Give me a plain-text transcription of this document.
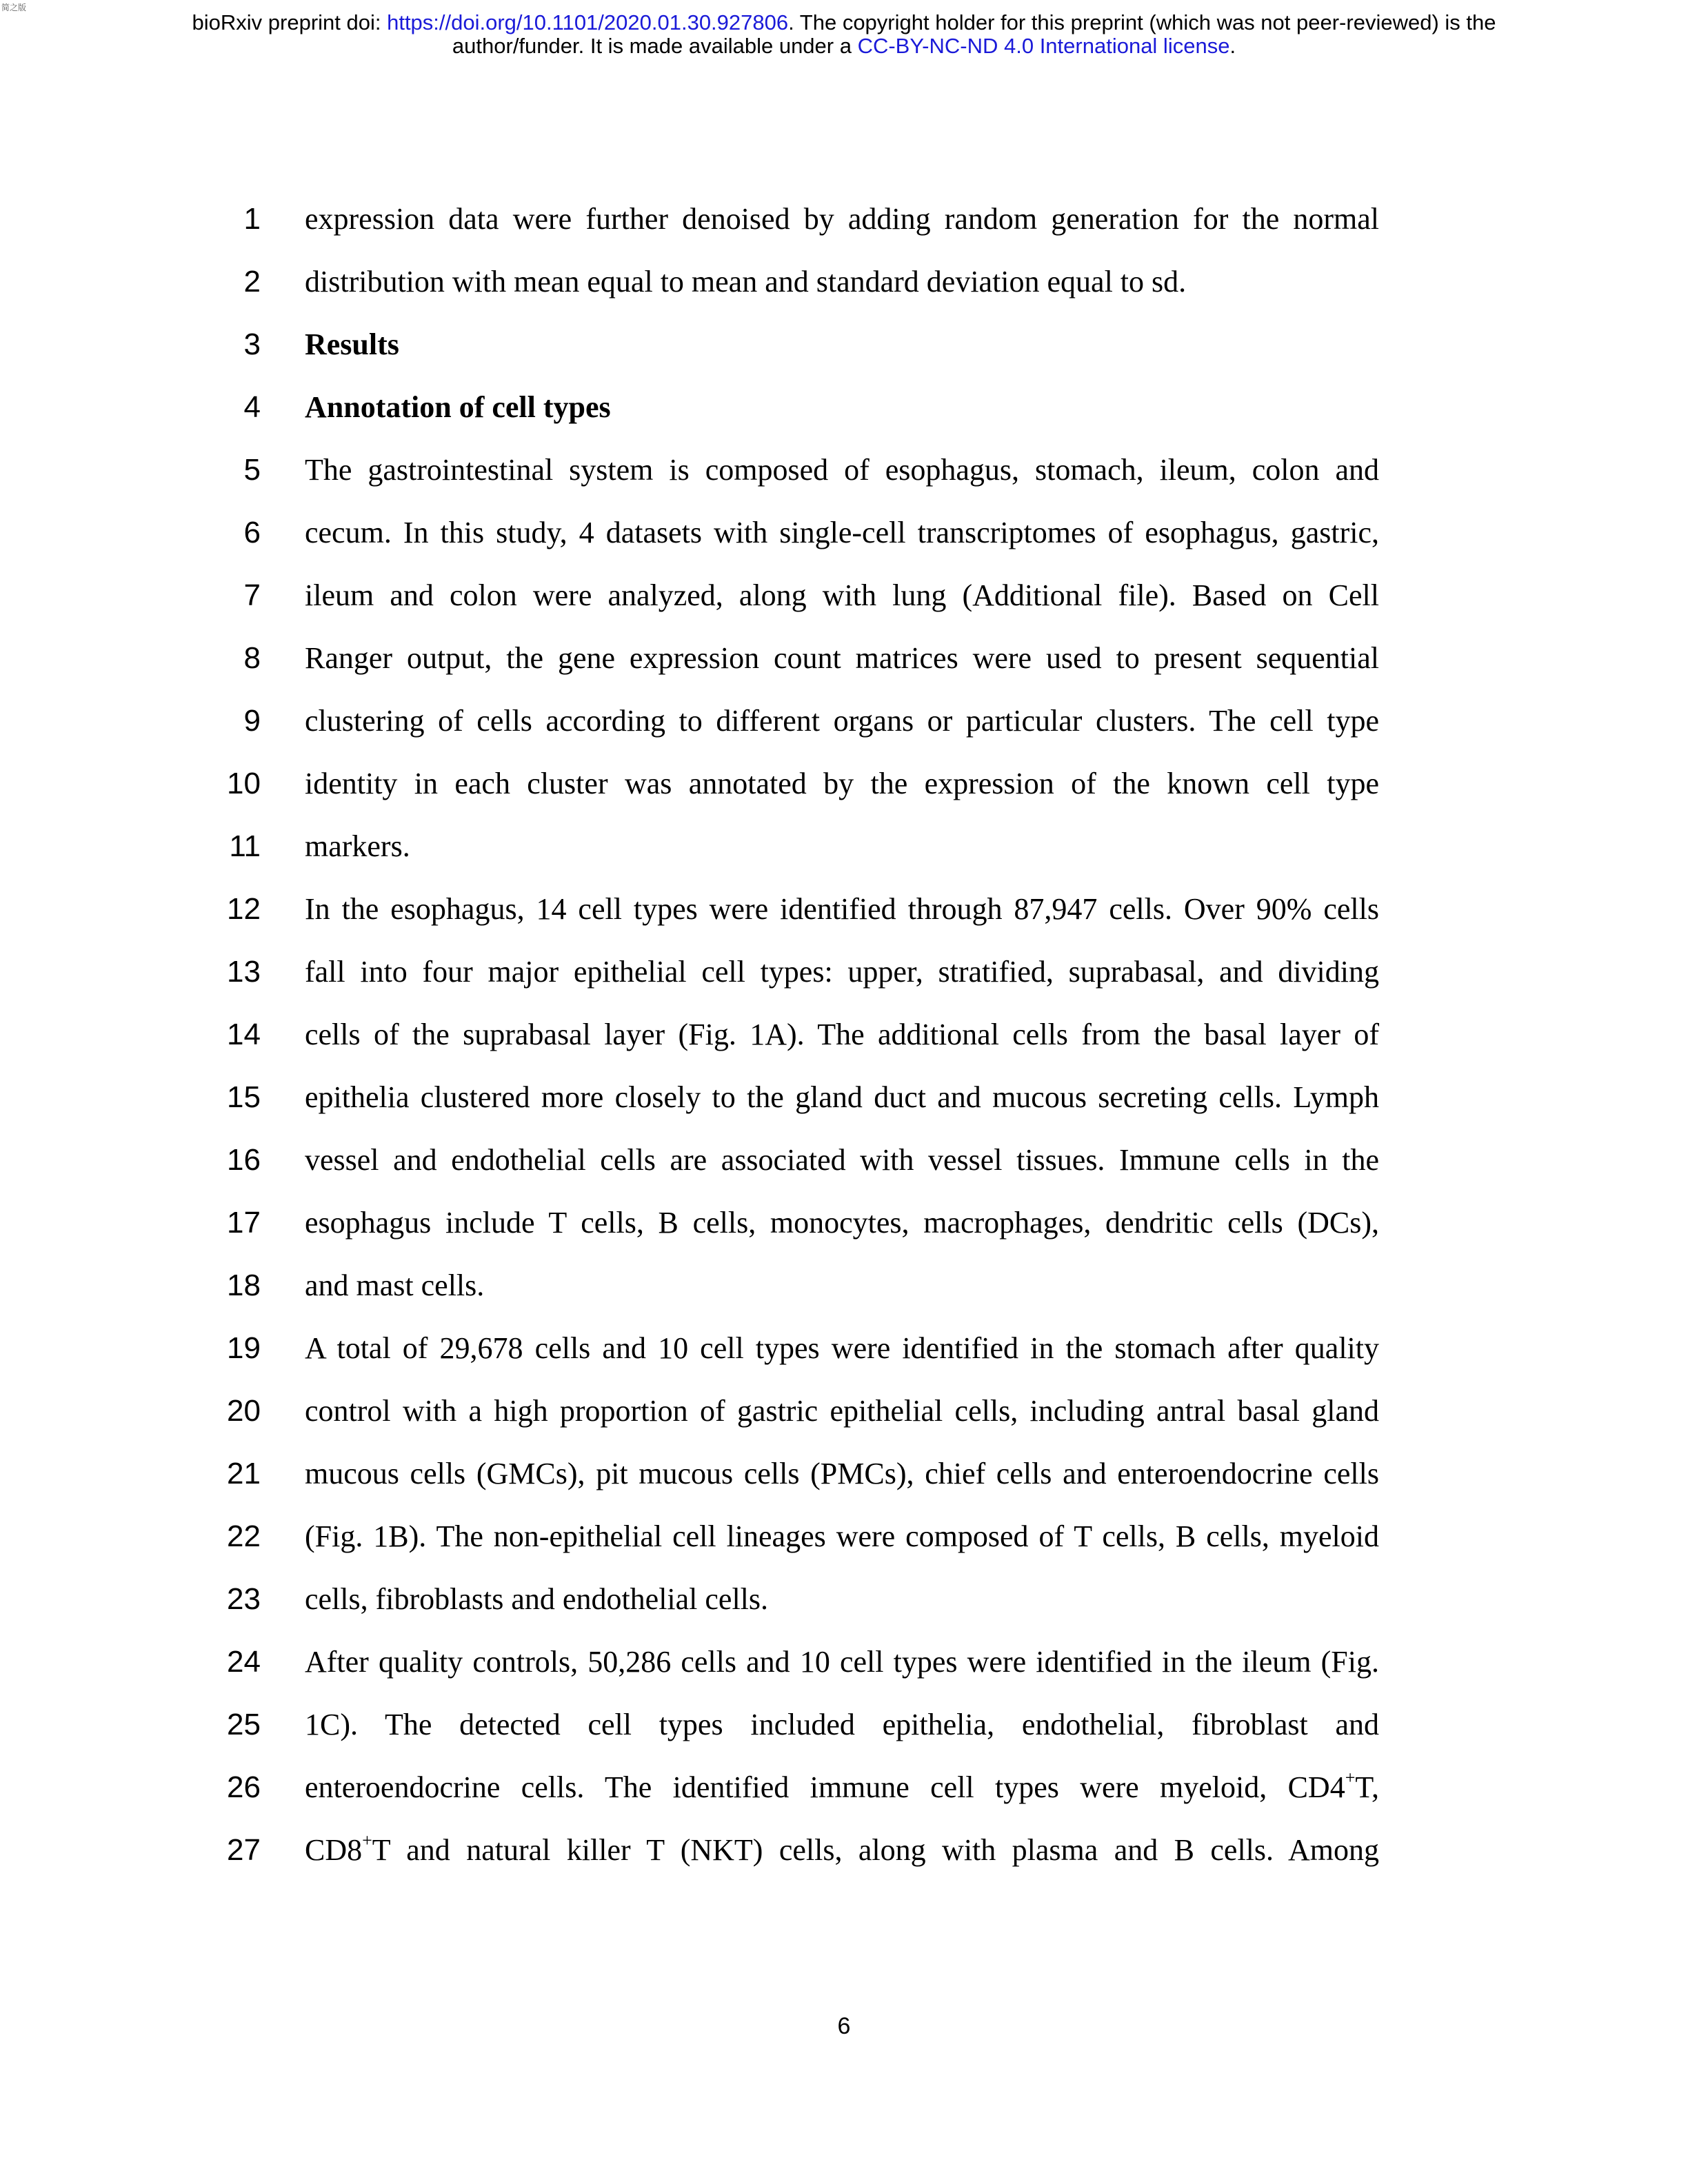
简之版
bioRxiv preprint doi: https://doi.org/10.1101/2020.01.30.927806. The copyright holder for this preprint (which was not peer-reviewed) is the
author/funder. It is made available under a CC-BY-NC-ND 4.0 International license.
1 expression data were further denoised by adding random generation for the normal
2 distribution with mean equal to mean and standard deviation equal to sd.
3 Results
4 Annotation of cell types
5 The gastrointestinal system is composed of esophagus, stomach, ileum, colon and
6 cecum. In this study, 4 datasets with single-cell transcriptomes of esophagus, gastric,
7 ileum and colon were analyzed, along with lung (Additional file). Based on Cell
8 Ranger output, the gene expression count matrices were used to present sequential
9 clustering of cells according to different organs or particular clusters. The cell type
10 identity in each cluster was annotated by the expression of the known cell type
11 markers.
12 In the esophagus, 14 cell types were identified through 87,947 cells. Over 90% cells
13 fall into four major epithelial cell types: upper, stratified, suprabasal, and dividing
14 cells of the suprabasal layer (Fig. 1A). The additional cells from the basal layer of
15 epithelia clustered more closely to the gland duct and mucous secreting cells. Lymph
16 vessel and endothelial cells are associated with vessel tissues. Immune cells in the
17 esophagus include T cells, B cells, monocytes, macrophages, dendritic cells (DCs),
18 and mast cells.
19 A total of 29,678 cells and 10 cell types were identified in the stomach after quality
20 control with a high proportion of gastric epithelial cells, including antral basal gland
21 mucous cells (GMCs), pit mucous cells (PMCs), chief cells and enteroendocrine cells
22 (Fig. 1B). The non-epithelial cell lineages were composed of T cells, B cells, myeloid
23 cells, fibroblasts and endothelial cells.
24 After quality controls, 50,286 cells and 10 cell types were identified in the ileum (Fig.
25 1C). The detected cell types included epithelia, endothelial, fibroblast and
26 enteroendocrine cells. The identified immune cell types were myeloid, CD4+T,
27 CD8+T and natural killer T (NKT) cells, along with plasma and B cells. Among
6
